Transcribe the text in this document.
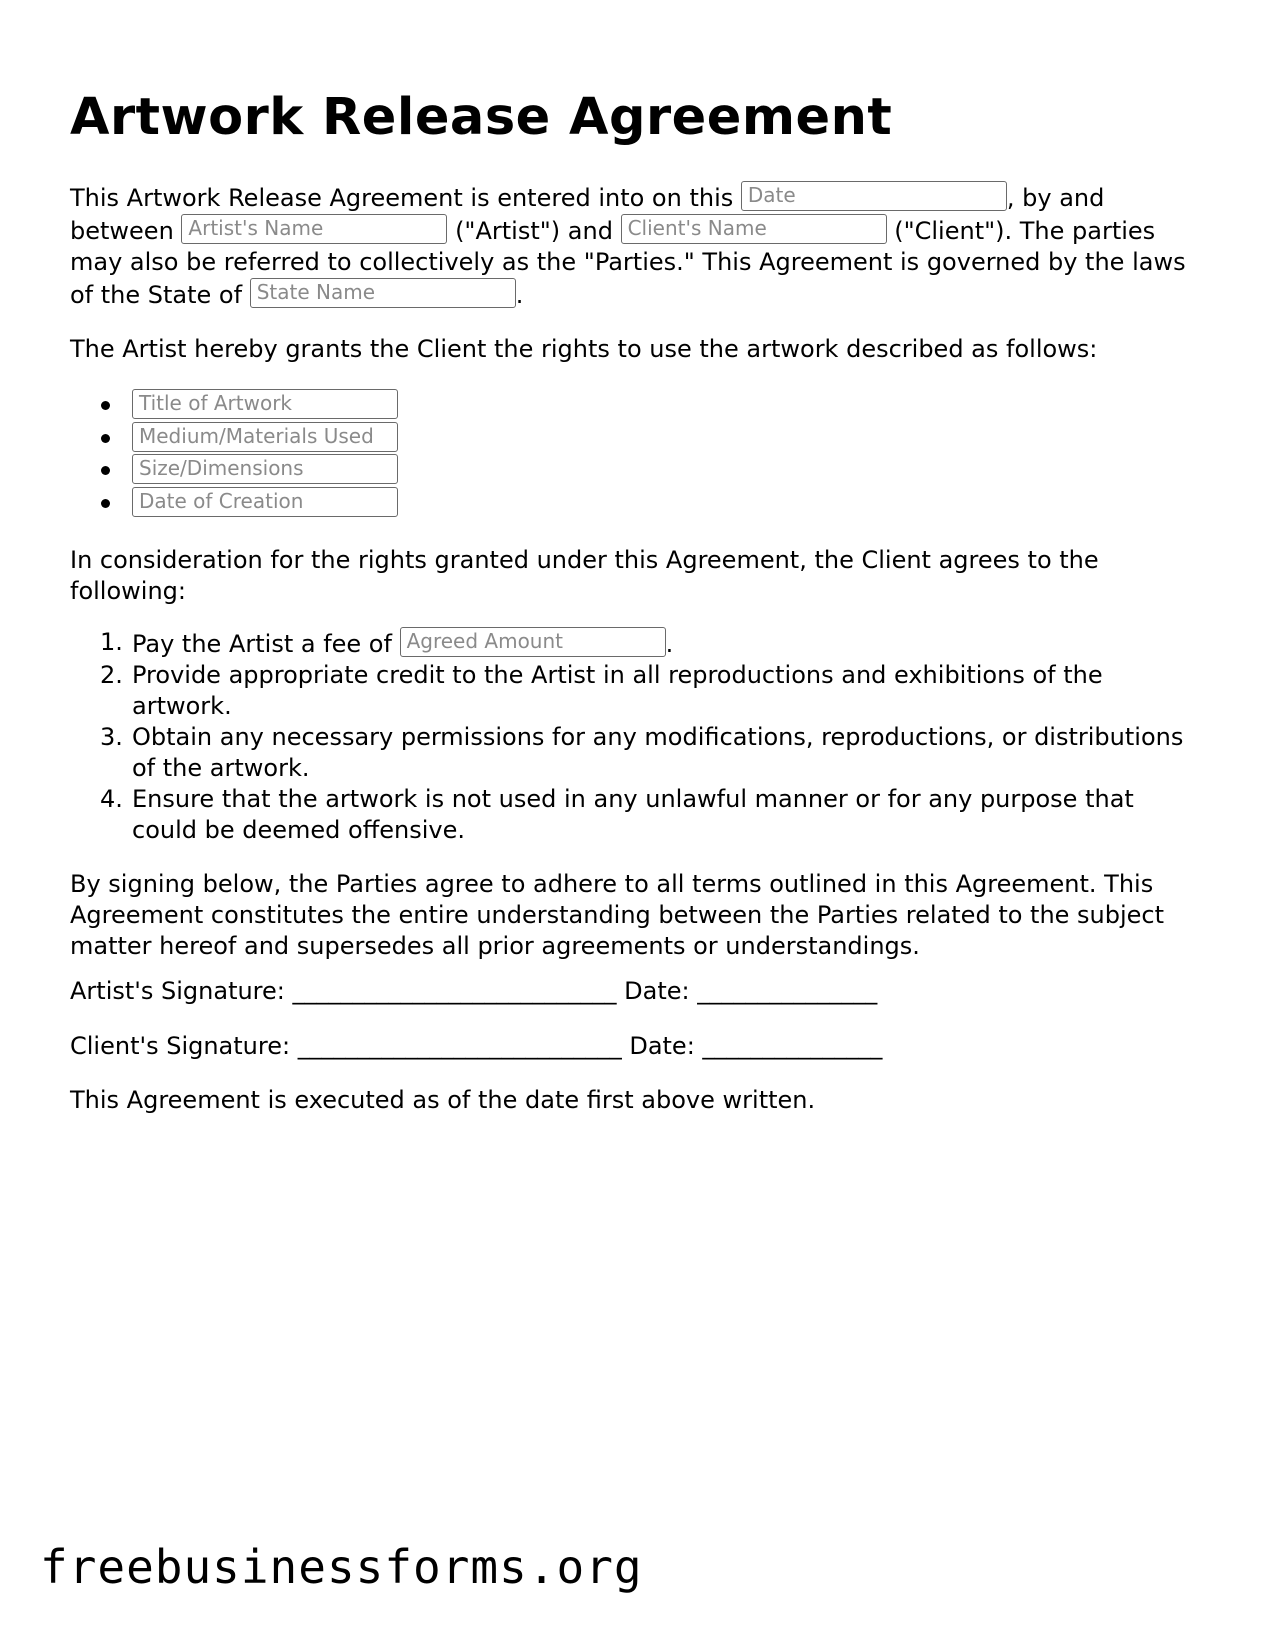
Artwork Release Agreement
This Artwork Release Agreement is entered into on this Date	, by and between Artist's Name	("Artist") and Client's Name	("Client"). The parties may also be referred to collectively as the "Parties." This Agreement is governed by the laws of the State of State Name	.
The Artist hereby grants the Client the rights to use the artwork described as follows:
Title of Artwork
Medium/Materials Used
Size/Dimensions
Date of Creation
In consideration for the rights granted under this Agreement, the Client agrees to the following:
1. Pay the Artist a fee of Agreed Amount	.
2. Provide appropriate credit to the Artist in all reproductions and exhibitions of the artwork.
3. Obtain any necessary permissions for any modifications, reproductions, or distributions of the artwork.
4. Ensure that the artwork is not used in any unlawful manner or for any purpose that could be deemed offensive.
By signing below, the Parties agree to adhere to all terms outlined in this Agreement. This Agreement constitutes the entire understanding between the Parties related to the subject matter hereof and supersedes all prior agreements or understandings.
Artist's Signature: ___________________________ Date: _______________
Client's Signature: ___________________________ Date: _______________
This Agreement is executed as of the date first above written.
freebusinessforms.org
